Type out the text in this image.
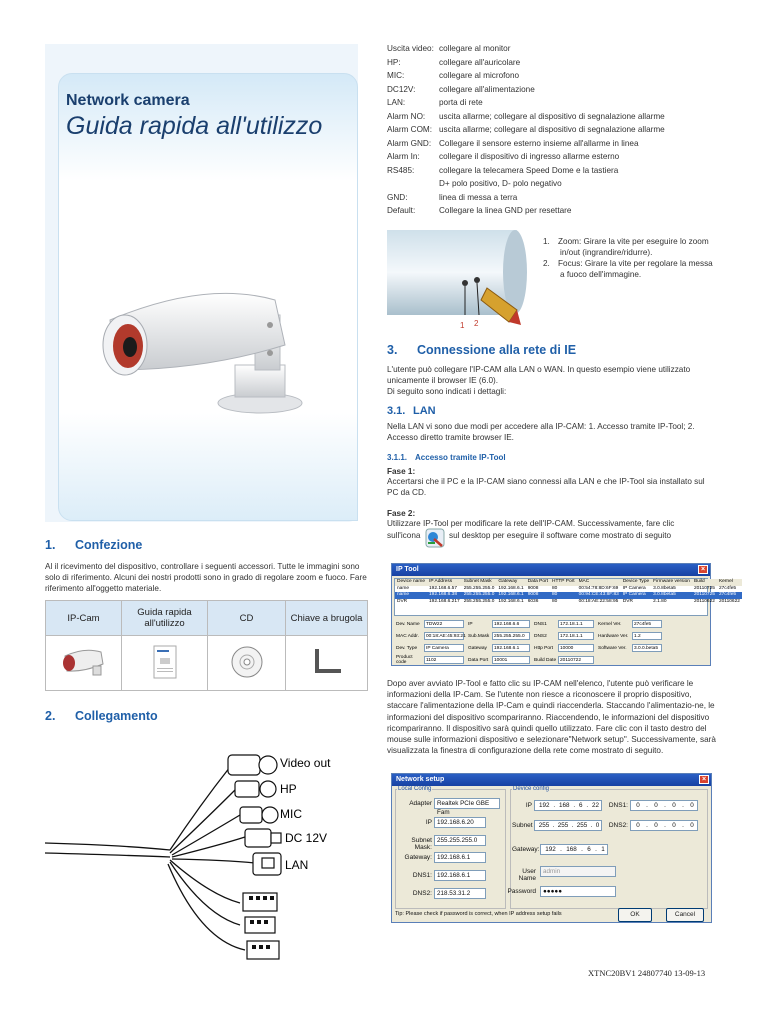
Network camera
Guida rapida all'utilizzo
1. Confezione
Al il ricevimento del dispositivo, controllare i seguenti accessori. Tutte le immagini sono solo di riferimento. Alcuni dei nostri prodotti sono in grado di regolare zoom e fuoco. Fare riferimento all'oggetto materiale.
IP-Cam	Guida rapida all'utilizzo	CD	Chiave a brugola

2. Collegamento
Video out
HP
MIC
DC 12V
LAN
Uscita video: collegare al monitor
HP:	collegare all'auricolare
MIC:	collegare al microfono
DC12V:	collegare all'alimentazione
LAN:	porta di rete
Alarm NO:	uscita allarme; collegare al dispositivo di segnalazione allarme
Alarm COM: uscita allarme; collegare al dispositivo di segnalazione allarme
Alarm GND: Collegare il sensore esterno insieme all'allarme in linea
Alarm In:	collegare il dispositivo di ingresso allarme esterno
RS485:	collegare la telecamera Speed Dome e la tastiera
D+ polo positivo, D- polo negativo
GND:	linea di messa a terra
Default:	Collegare la linea GND per resettare
1 2
1. Zoom: Girare la vite per eseguire lo zoom in/out (ingrandire/ridurre).
2. Focus: Girare la vite per regolare la messa a fuoco dell'immagine.
3. Connessione alla rete di IE
L'utente può collegare l'IP-CAM alla LAN o WAN. In questo esempio viene utilizzato unicamente il browser IE (6.0).
Di seguito sono indicati i dettagli:
3.1. LAN
Nella LAN vi sono due modi per accedere alla IP-CAM: 1. Accesso tramite IP-Tool; 2. Accesso diretto tramite browser IE.
3.1.1. Accesso tramite IP-Tool
Fase 1:
Accertarsi che il PC e la IP-CAM siano connessi alla LAN e che IP-Tool sia installato sul PC da CD.
Fase 2:
Utilizzare IP-Tool per modificare la rete dell'IP-CAM. Successivamente, fare clic
sull'icona	sul desktop per eseguire il software come mostrato di seguito
IP Tool	×
Device name	IP Address	Subnet Mask	Gateway	Data Port	HTTP Port	MAC	Device Type	Firmware version	Build	Kernel
name	192.168.6.57	255.255.255.0	192.168.6.1	9008	80	00:54:78:8D:6F:69	IP Camera	3.0.8beta5	20110725	27c4fe5
name	192.168.6.38	255.255.255.0	192.168.6.1	9008	80	00:94:CE:43:8F:83	IP Camera	3.0.8beta5	20110725	27c4fe5
DVR	192.168.6.217	255.255.255.0	192.168.6.1	6036	80	00:18:AE:22:58:95	DVR	2.1.80	20110622	20110622
Dev. Name	TDW22	IP	192.168.6.6	DNS1	172.18.1.1	Kernel Ver.	27c4fe5
MAC Addr.	00:18:AE:45:93:21 Sub.Mask 255.255.255.0	DNS2	172.18.1.1	Hardware Ver.	1.2
Dev. Type	IP Camera	Gateway	192.168.6.1	Http Port	10000	Software Ver.	3.0.0.beta5
Product code	1102	Data Port	10001	Build Date 20110722
Dopo aver avviato IP-Tool e fatto clic su IP-CAM nell'elenco, l'utente può verificare le informazioni della IP-Cam. Se l'utente non riesce a riconoscere il proprio dispositivo, staccare l'alimentazione della IP-Cam e quindi riaccenderla. Staccando l'alimentazio-ne, le informazioni del dispositivo scompariranno. Riaccendendo, le informazioni del dispositivo ricompariranno. Il dispositivo sarà quindi quello utilizzato. Fare clic con il tasto destro del mouse sulle informazioni dispositivo e selezionare"Network setup". Successivamente, sarà visualizzata la finestra di configurazione della rete come mostrato di seguito.
Network setup	×
Local Config	Device config
Adapter Realtek PCIe GBE Fam
IP 192.168.6.20
Subnet Mask:
255.255.255.0
Gateway: 192.168.6.1
DNS1: 192.168.6.1
DNS2: 218.53.31.2
IP 192 . 168 . 6 . 22
Subnet 255 . 255 . 255 . 0
Gateway: 192 . 168 . 6 . 1
User Name
admin
Password	●●●●●
DNS1: 0 . 0 . 0 . 0
DNS2: 0 . 0 . 0 . 0
Tip: Please check if password is correct, when IP address setup fails	OK	Cancel
XTNC20BV1 24807740 13-09-13
